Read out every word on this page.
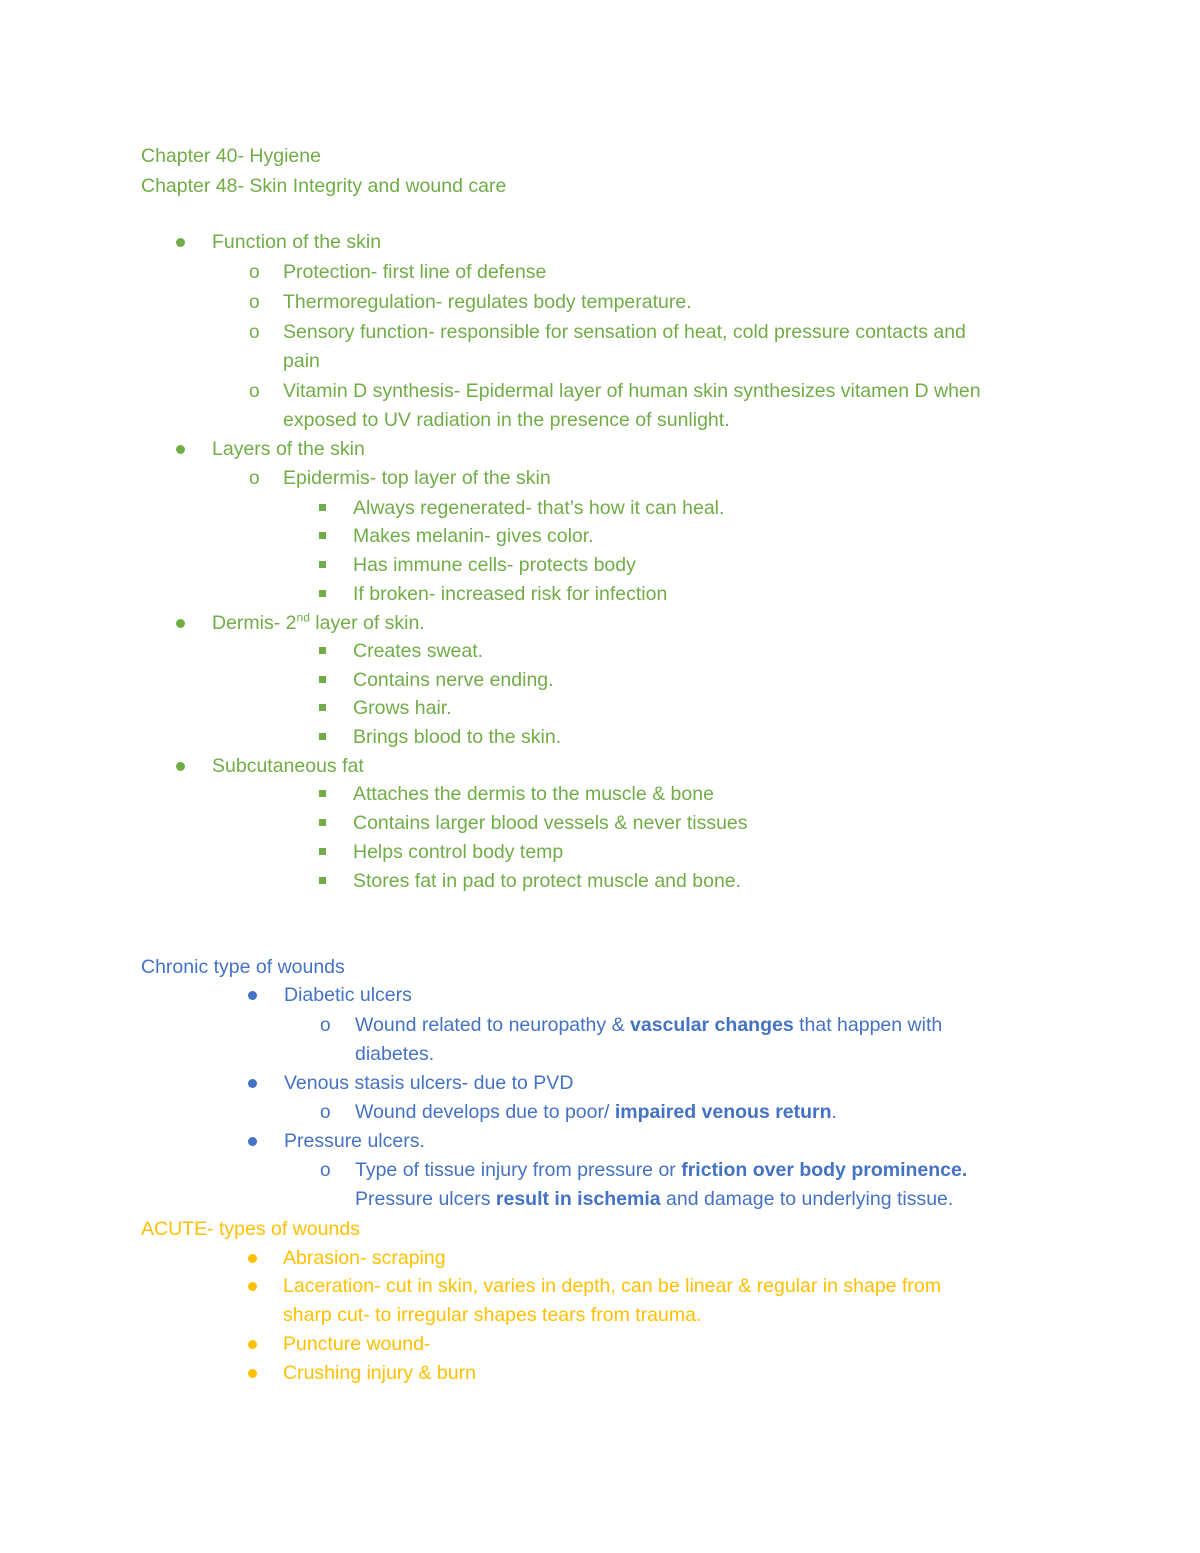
Chapter 40- Hygiene
Chapter 48- Skin Integrity and wound care
Function of the skin
o Protection- first line of defense
o Thermoregulation- regulates body temperature.
o Sensory function- responsible for sensation of heat, cold pressure contacts and
pain
o Vitamin D synthesis- Epidermal layer of human skin synthesizes vitamen D when
exposed to UV radiation in the presence of sunlight.
Layers of the skin
o Epidermis- top layer of the skin
Always regenerated- that’s how it can heal.
Makes melanin- gives color.
Has immune cells- protects body
If broken- increased risk for infection
Dermis- 2nd layer of skin.
Creates sweat.
Contains nerve ending.
Grows hair.
Brings blood to the skin.
Subcutaneous fat
Attaches the dermis to the muscle & bone
Contains larger blood vessels & never tissues
Helps control body temp
Stores fat in pad to protect muscle and bone.
Chronic type of wounds
Diabetic ulcers
o Wound related to neuropathy & vascular changes that happen with
diabetes.
Venous stasis ulcers- due to PVD
o Wound develops due to poor/ impaired venous return.
Pressure ulcers.
o Type of tissue injury from pressure or friction over body prominence.
Pressure ulcers result in ischemia and damage to underlying tissue.
ACUTE- types of wounds
Abrasion- scraping
Laceration- cut in skin, varies in depth, can be linear & regular in shape from
sharp cut- to irregular shapes tears from trauma.
Puncture wound-
Crushing injury & burn
